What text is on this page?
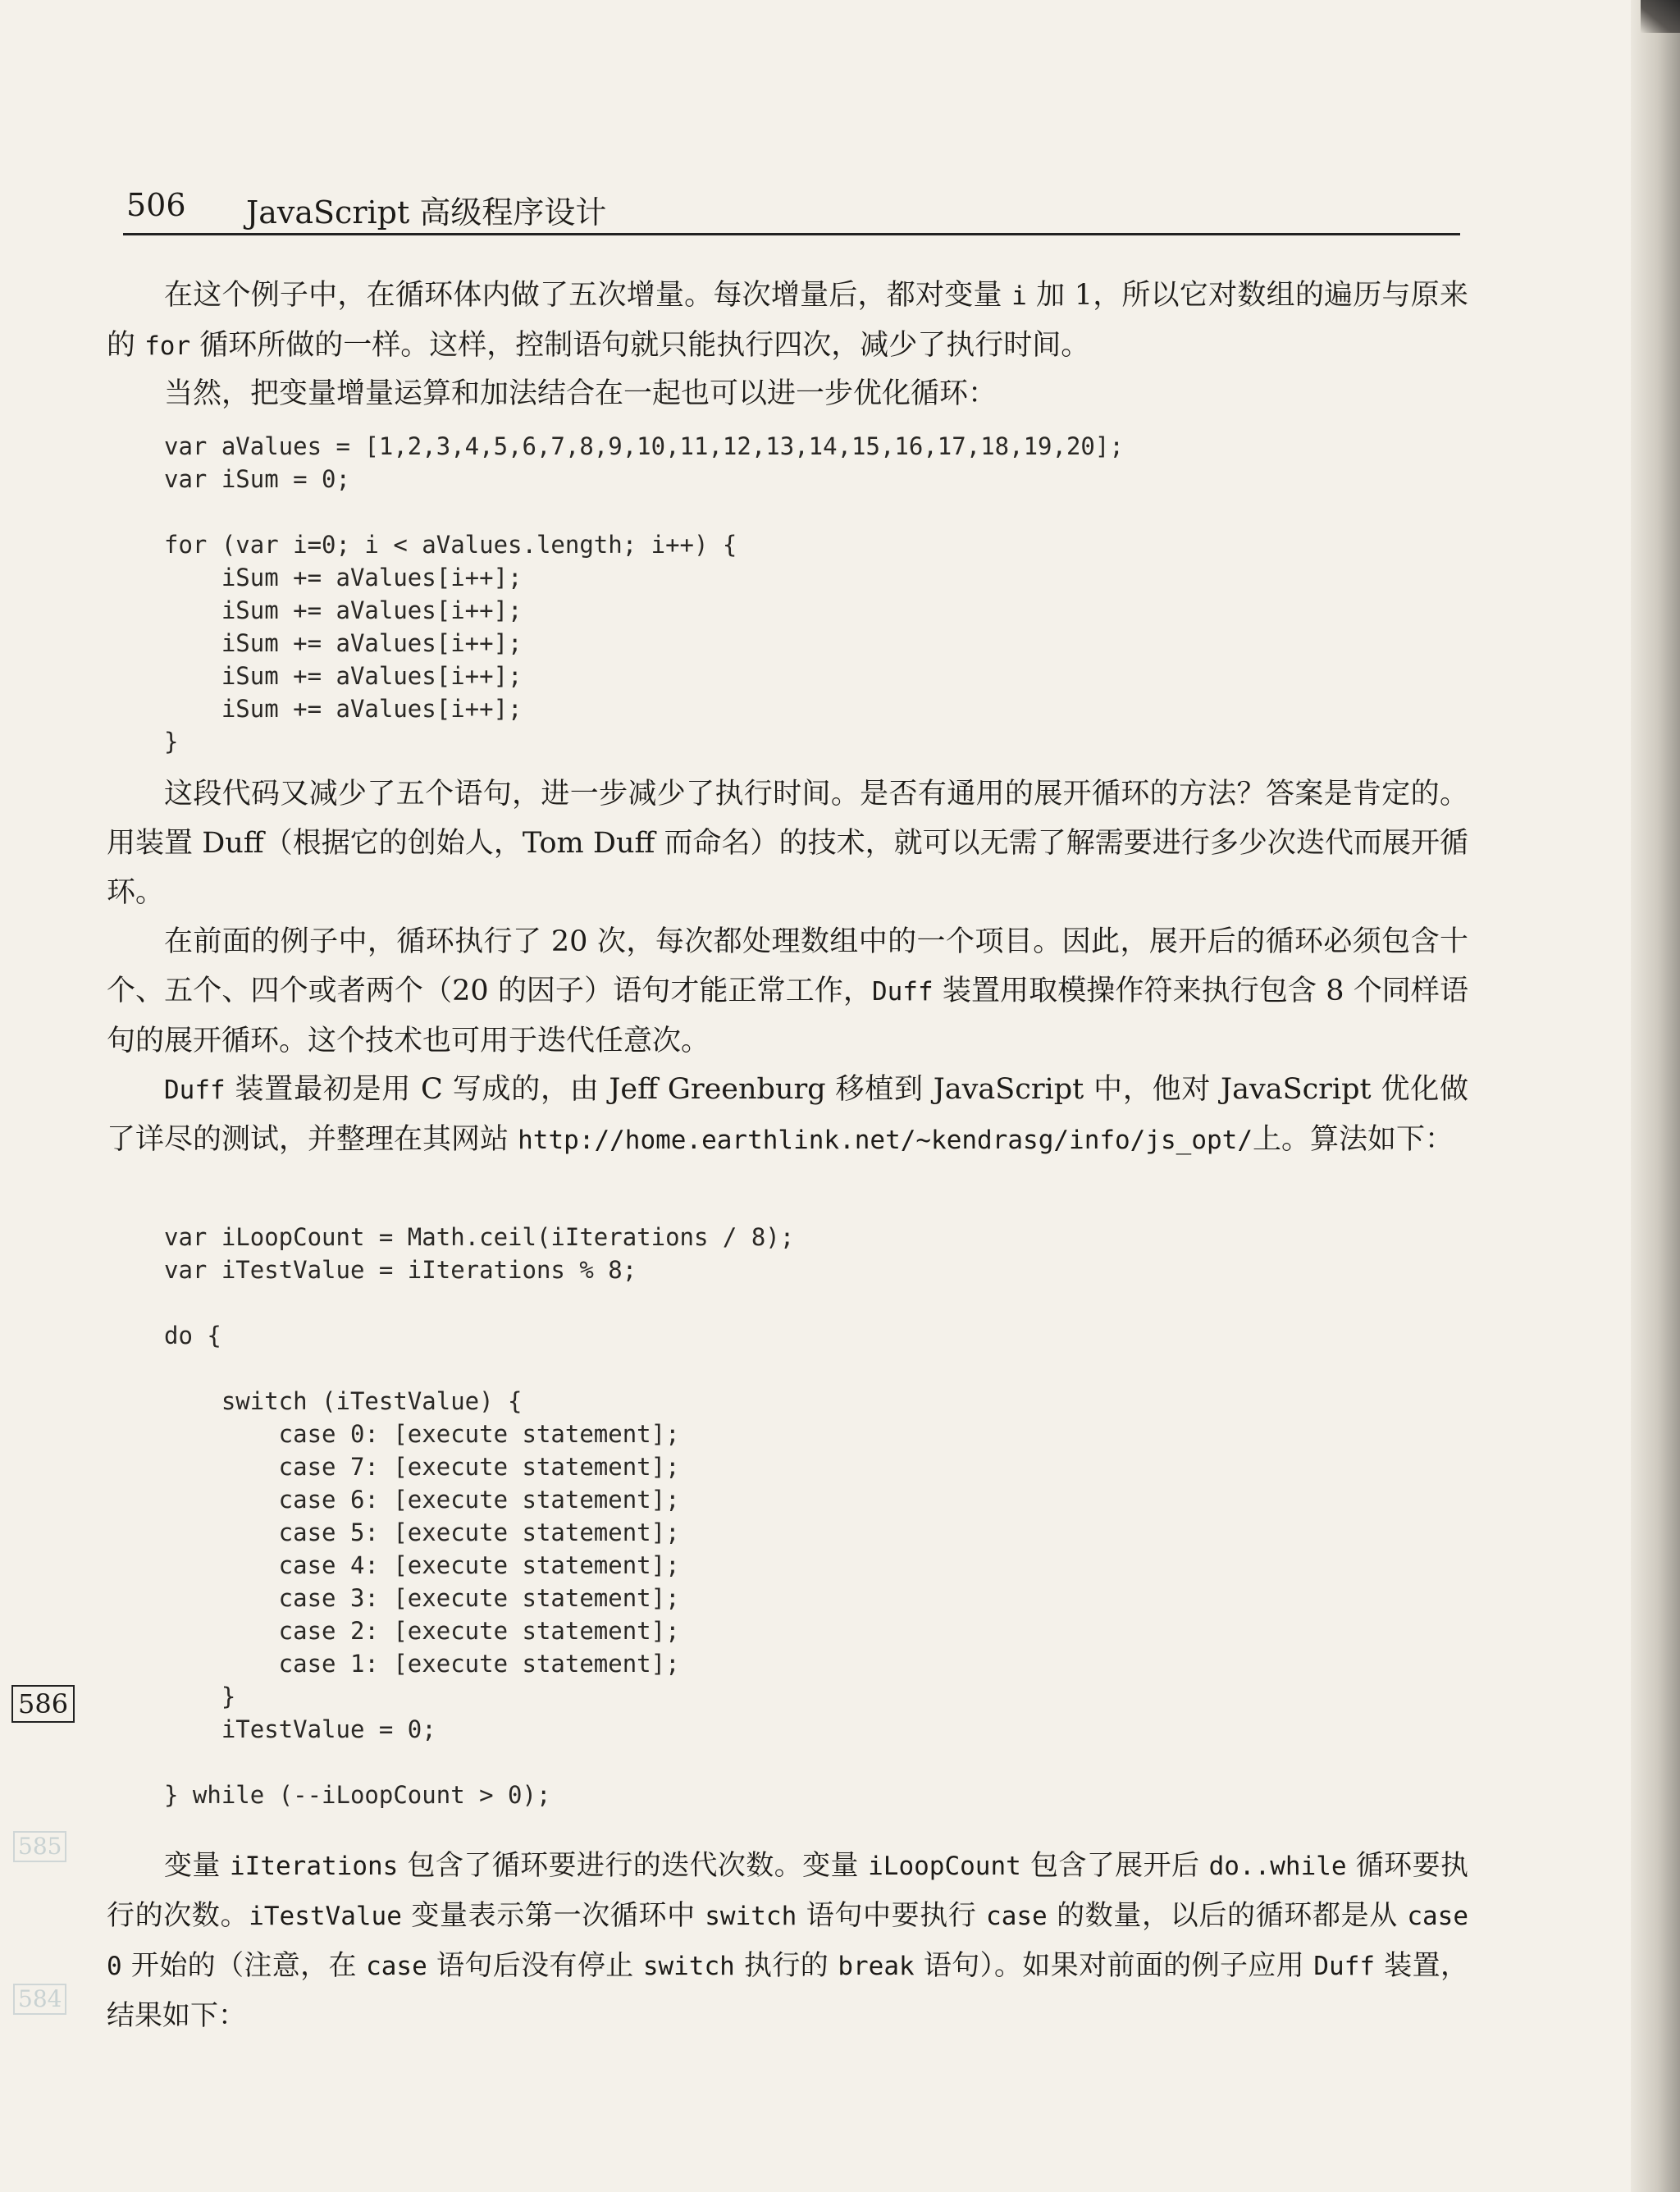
506 JavaScript 高级程序设计

在这个例子中，在循环体内做了五次增量。每次增量后，都对变量 i 加 1，所以它对数组的遍历与原来的 for 循环所做的一样。这样，控制语句就只能执行四次，减少了执行时间。

当然，把变量增量运算和加法结合在一起也可以进一步优化循环：

var aValues = [1,2,3,4,5,6,7,8,9,10,11,12,13,14,15,16,17,18,19,20];
var iSum = 0;

for (var i=0; i < aValues.length; i++) {
iSum += aValues[i++];
iSum += aValues[i++];
iSum += aValues[i++];
iSum += aValues[i++];
iSum += aValues[i++];
}

这段代码又减少了五个语句，进一步减少了执行时间。是否有通用的展开循环的方法？答案是肯定的。用装置 Duff（根据它的创始人，Tom Duff 而命名）的技术，就可以无需了解需要进行多少次迭代而展开循环。

在前面的例子中，循环执行了 20 次，每次都处理数组中的一个项目。因此，展开后的循环必须包含十个、五个、四个或者两个（20 的因子）语句才能正常工作，Duff 装置用取模操作符来执行包含 8 个同样语句的展开循环。这个技术也可用于迭代任意次。

Duff 装置最初是用 C 写成的，由 Jeff Greenburg 移植到 JavaScript 中，他对 JavaScript 优化做了详尽的测试，并整理在其网站 http://home.earthlink.net/~kendrasg/info/js_opt/上。算法如下：

var iLoopCount = Math.ceil(iIterations / 8);
var iTestValue = iIterations % 8;

do {

switch (iTestValue) {
case 0: [execute statement];
case 7: [execute statement];
case 6: [execute statement];
case 5: [execute statement];
case 4: [execute statement];
case 3: [execute statement];
case 2: [execute statement];
case 1: [execute statement];
}
iTestValue = 0;

} while (--iLoopCount > 0);
586
585
584

变量 iIterations 包含了循环要进行的迭代次数。变量 iLoopCount 包含了展开后 do..while 循环要执行的次数。iTestValue 变量表示第一次循环中 switch 语句中要执行 case 的数量，以后的循环都是从 case 0 开始的（注意，在 case 语句后没有停止 switch 执行的 break 语句）。如果对前面的例子应用 Duff 装置，结果如下：
